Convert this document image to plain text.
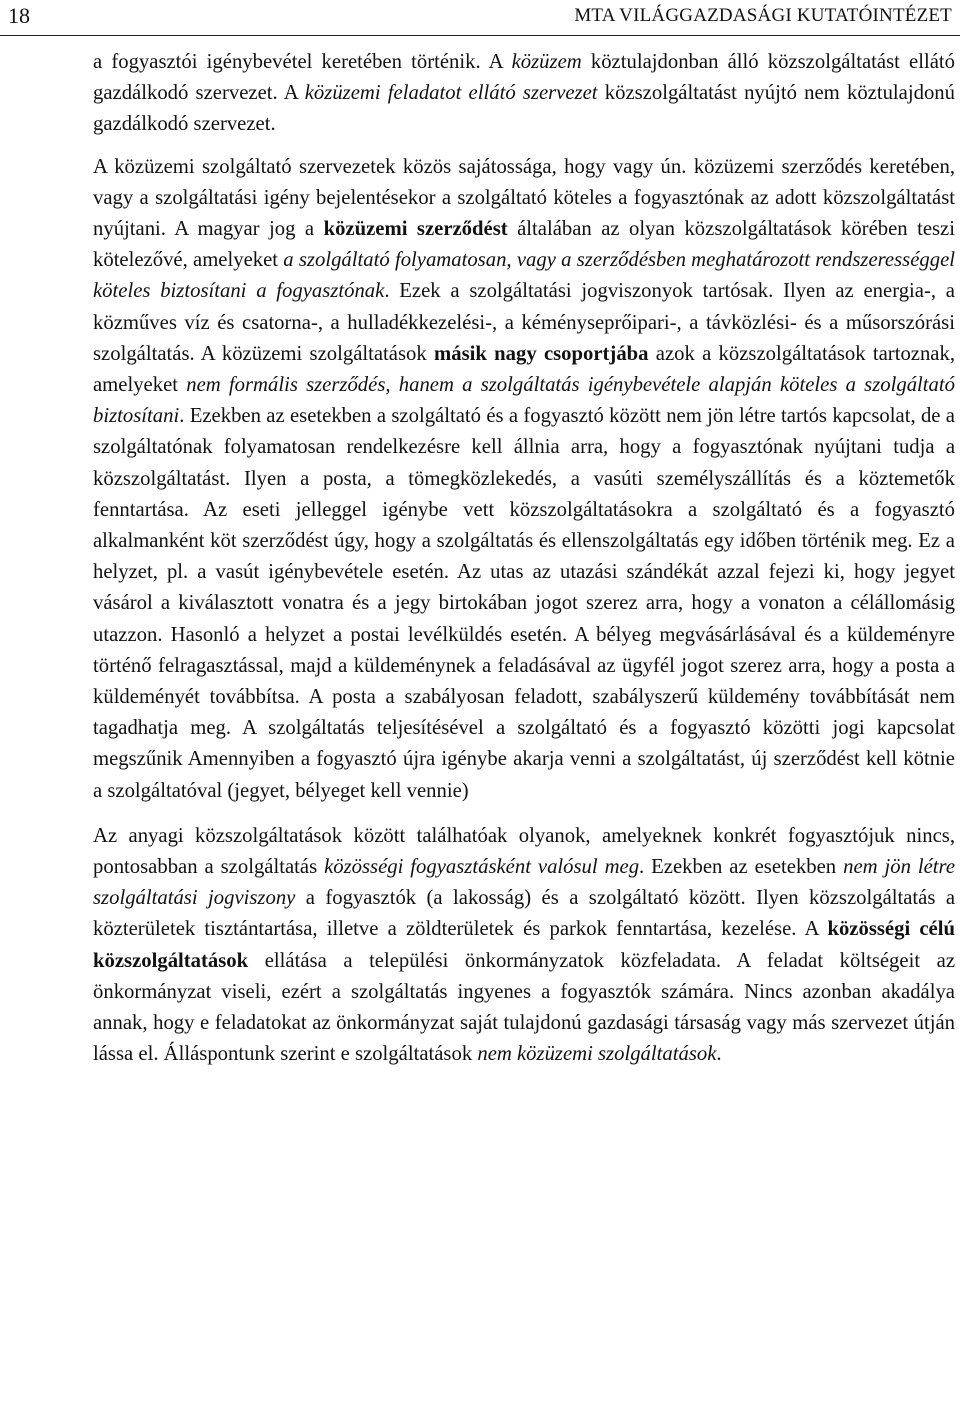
18	MTA VILÁGGAZDASÁGI KUTATÓINTÉZET

a fogyasztói igénybevétel keretében történik. A közüzem köztulajdonban álló közszolgáltatást ellátó gazdálkodó szervezet. A közüzemi feladatot ellátó szervezet közszolgáltatást nyújtó nem köztulajdonú gazdálkodó szervezet.

A közüzemi szolgáltató szervezetek közös sajátossága, hogy vagy ún. közüzemi szerződés keretében, vagy a szolgáltatási igény bejelentésekor a szolgáltató köteles a fogyasztónak az adott közszolgáltatást nyújtani. A magyar jog a közüzemi szerződést általában az olyan közszolgáltatások körében teszi kötelezővé, amelyeket a szolgáltató folyamatosan, vagy a szerződésben meghatározott rendszerességgel köteles biztosítani a fogyasztónak. Ezek a szolgáltatási jogviszonyok tartósak. Ilyen az energia-, a közműves víz és csatorna-, a hulladékkezelési-, a kéményseprőipari-, a távközlési- és a műsorszórási szolgáltatás. A közüzemi szolgáltatások másik nagy csoportjába azok a közszolgáltatások tartoznak, amelyeket nem formális szerződés, hanem a szolgáltatás igénybevétele alapján köteles a szolgáltató biztosítani. Ezekben az esetekben a szolgáltató és a fogyasztó között nem jön létre tartós kapcsolat, de a szolgáltatónak folyamatosan rendelkezésre kell állnia arra, hogy a fogyasztónak nyújtani tudja a közszolgáltatást. Ilyen a posta, a tömegközlekedés, a vasúti személyszállítás és a köztemetők fenntartása. Az eseti jelleggel igénybe vett közszolgáltatásokra a szolgáltató és a fogyasztó alkalmanként köt szerződést úgy, hogy a szolgáltatás és ellenszolgáltatás egy időben történik meg. Ez a helyzet, pl. a vasút igénybevétele esetén. Az utas az utazási szándékát azzal fejezi ki, hogy jegyet vásárol a kiválasztott vonatra és a jegy birtokában jogot szerez arra, hogy a vonaton a célállomásig utazzon. Hasonló a helyzet a postai levélküldés esetén. A bélyeg megvásárlásával és a küldeményre történő felragasztással, majd a küldeménynek a feladásával az ügyfél jogot szerez arra, hogy a posta a küldeményét továbbítsa. A posta a szabályosan feladott, szabályszerű küldemény továbbítását nem tagadhatja meg. A szolgáltatás teljesítésével a szolgáltató és a fogyasztó közötti jogi kapcsolat megszűnik Amennyiben a fogyasztó újra igénybe akarja venni a szolgáltatást, új szerződést kell kötnie a szolgáltatóval (jegyet, bélyeget kell vennie)

Az anyagi közszolgáltatások között találhatóak olyanok, amelyeknek konkrét fogyasztójuk nincs, pontosabban a szolgáltatás közösségi fogyasztásként valósul meg. Ezekben az esetekben nem jön létre szolgáltatási jogviszony a fogyasztók (a lakosság) és a szolgáltató között. Ilyen közszolgáltatás a közterületek tisztántartása, illetve a zöldterületek és parkok fenntartása, kezelése. A közösségi célú közszolgáltatások ellátása a települési önkormányzatok közfeladata. A feladat költségeit az önkormányzat viseli, ezért a szolgáltatás ingyenes a fogyasztók számára. Nincs azonban akadálya annak, hogy e feladatokat az önkormányzat saját tulajdonú gazdasági társaság vagy más szervezet útján lássa el. Álláspontunk szerint e szolgáltatások nem közüzemi szolgáltatások.
